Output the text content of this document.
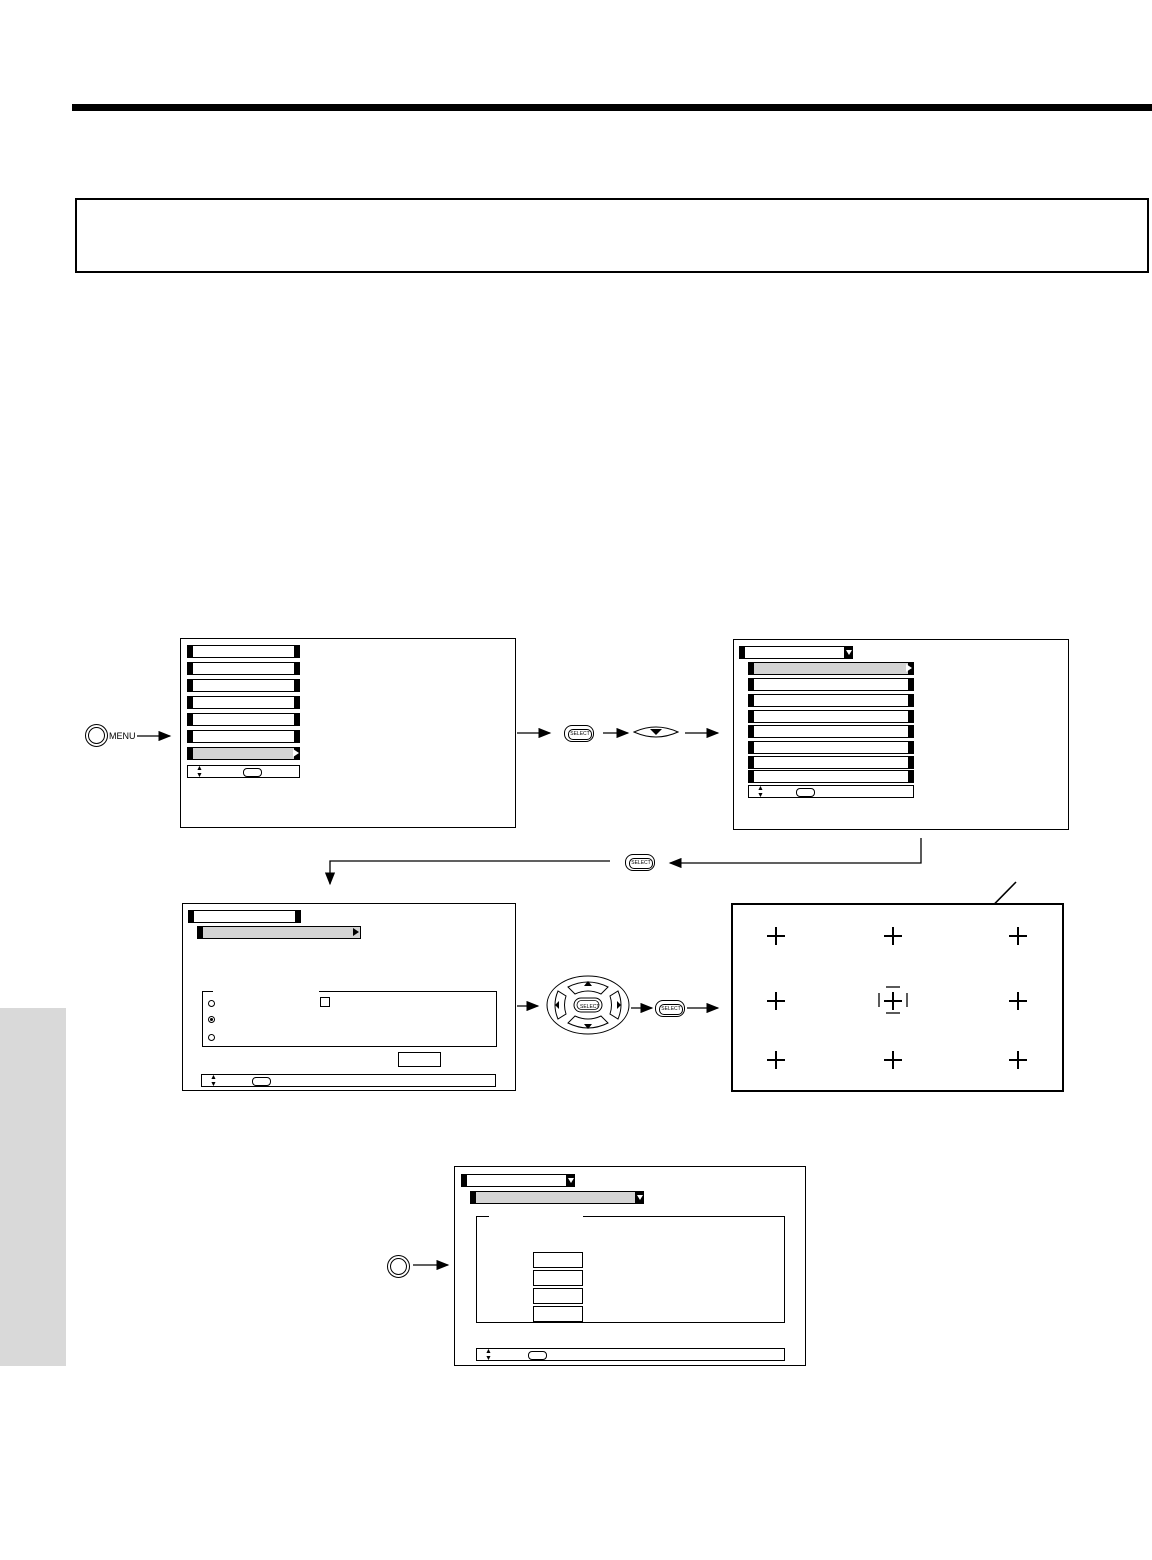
MENU
▲
▼
SELECT
≡
▲
▼
SELECT
▲
▼
SELECT	SELECT
▲
▼
